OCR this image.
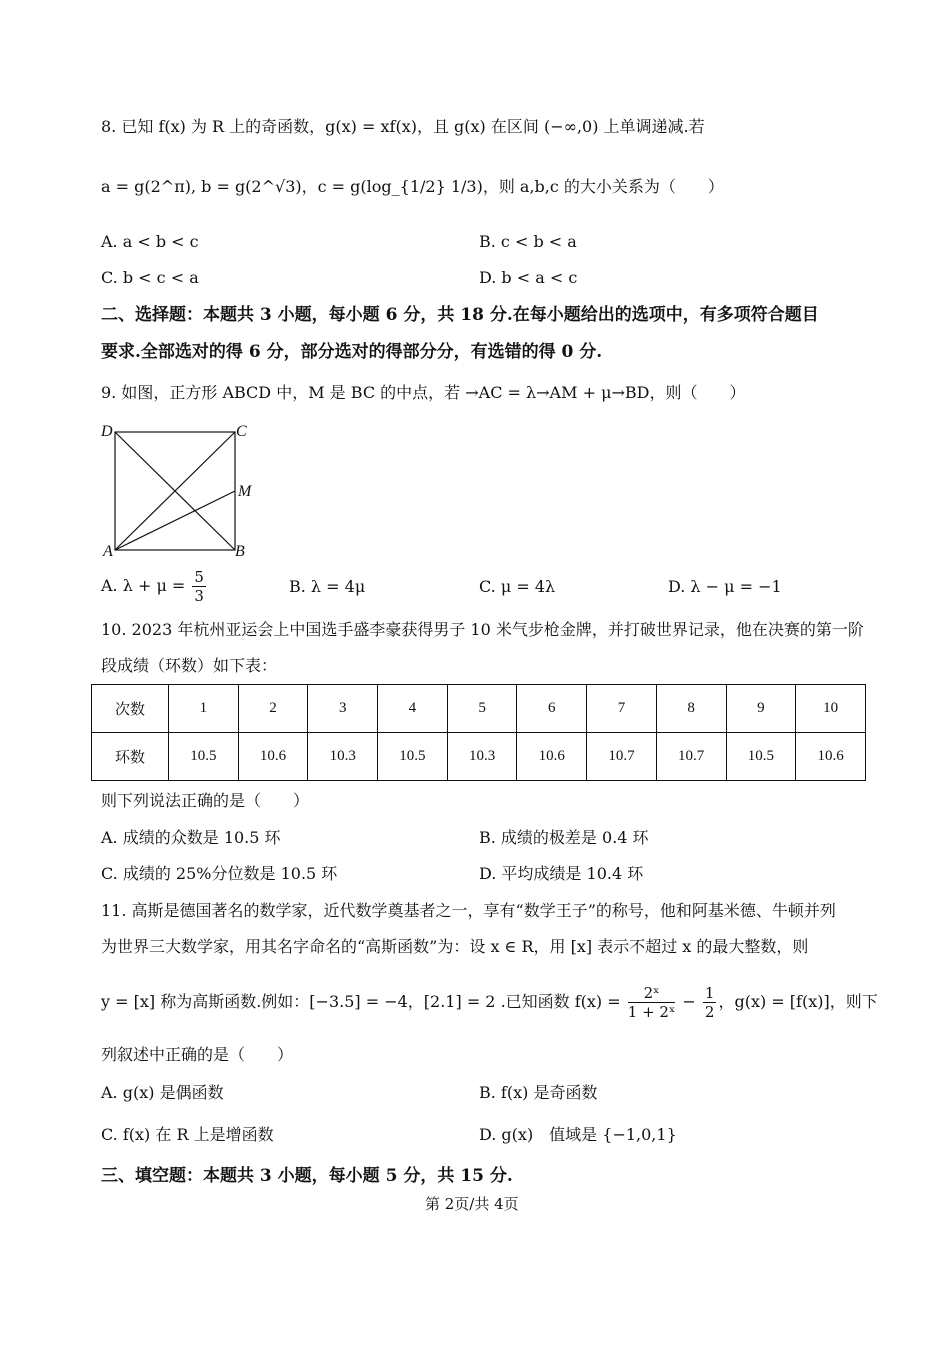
8. 已知 f(x) 为 R 上的奇函数，g(x) = xf(x)，且 g(x) 在区间 (−∞,0) 上单调递减.若
a = g(2^π), b = g(2^√3)，c = g(log_{1/2} 1/3)，则 a,b,c 的大小关系为（　　）
A. a < b < c	B. c < b < a
C. b < c < a	D. b < a < c
二、选择题：本题共 3 小题，每小题 6 分，共 18 分.在每小题给出的选项中，有多项符合题目
要求.全部选对的得 6 分，部分选对的得部分分，有选错的得 0 分.
9. 如图，正方形 ABCD 中，M 是 BC 的中点，若 →AC = λ→AM + μ→BD，则（　　）
D	C
M
A	B
A. $\lambda + \mu = \frac{5}{3}$	B. λ = 4μ	C. μ = 4λ	D. λ − μ = −1
10. 2023 年杭州亚运会上中国选手盛李豪获得男子 10 米气步枪金牌，并打破世界记录，他在决赛的第一阶
段成绩（环数）如下表：
次数	1	2	3	4	5	6	7	8	9	10
环数	10.5	10.6	10.3	10.5	10.3	10.6	10.7	10.7	10.5	10.6
则下列说法正确的是（　　）
A. 成绩的众数是 10.5 环	B. 成绩的极差是 0.4 环
C. 成绩的 25%分位数是 10.5 环	D. 平均成绩是 10.4 环
11. 高斯是德国著名的数学家，近代数学奠基者之一，享有“数学王子”的称号，他和阿基米德、牛顿并列
为世界三大数学家，用其名字命名的“高斯函数”为：设 x ∈ R，用 [x] 表示不超过 x 的最大整数，则
y = [x] 称为高斯函数.例如：[−3.5] = −4，[2.1] = 2 .已知函数 $f(x) = \frac{\text{2ˣ}}{\text{1 + 2ˣ}} - \frac{1}{2}$ ，g(x) = [f(x)]，则下
列叙述中正确的是（　　）
A. g(x) 是偶函数	B. f(x) 是奇函数
C. f(x) 在 R 上是增函数	D. g(x)　值域是 {−1,0,1}
三、填空题：本题共 3 小题，每小题 5 分，共 15 分.
第 2页/共 4页
